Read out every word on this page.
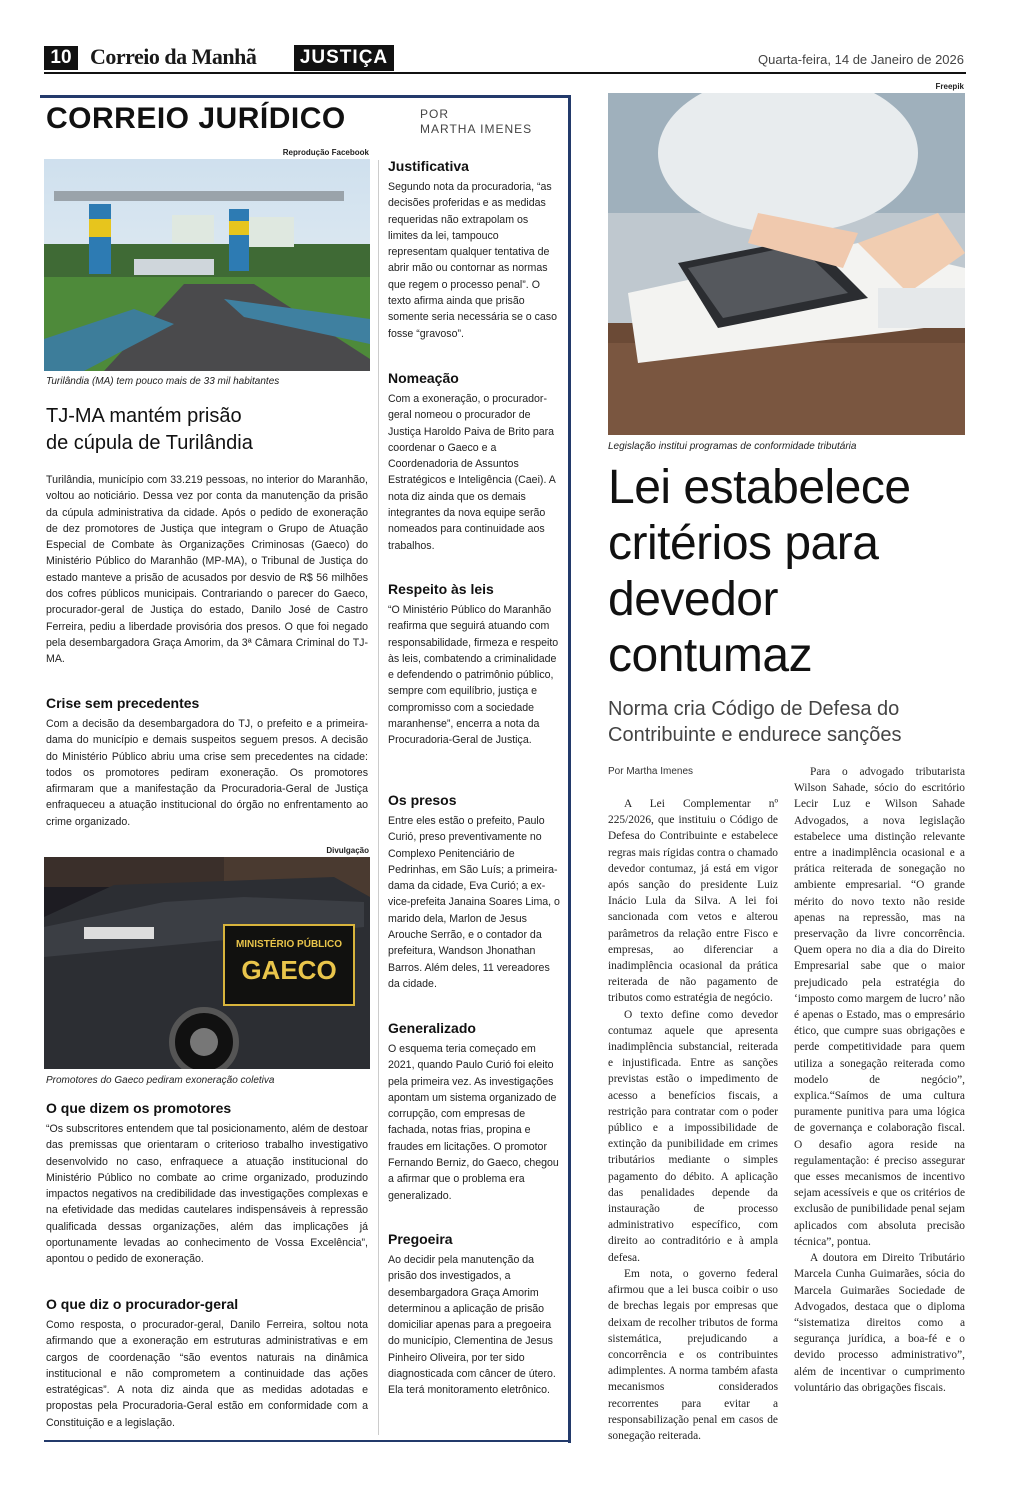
10 Correio da Manhã	JUSTIÇA	Quarta-feira, 14 de Janeiro de 2026
CORREIO JURÍDICO	POR
MARTHA IMENES
Reprodução Facebook
Turilândia (MA) tem pouco mais de 33 mil habitantes
TJ-MA mantém prisão
de cúpula de Turilândia
Turilândia, município com 33.219 pessoas, no interior do Maranhão, voltou ao noticiário. Dessa vez por conta da manutenção da prisão da cúpula administrativa da cidade. Após o pedido de exoneração de dez promotores de Justiça que integram o Grupo de Atuação Especial de Combate às Organizações Criminosas (Gaeco) do Ministério Público do Maranhão (MP-MA), o Tribunal de Justiça do estado manteve a prisão de acusados por desvio de R$ 56 milhões dos cofres públicos municipais. Contrariando o parecer do Gaeco, procurador-geral de Justiça do estado, Danilo José de Castro Ferreira, pediu a liberdade provisória dos presos. O que foi negado pela desembargadora Graça Amorim, da 3ª Câmara Criminal do TJ-MA.
Crise sem precedentes
Com a decisão da desembargadora do TJ, o prefeito e a primeira-dama do município e demais suspeitos seguem presos. A decisão do Ministério Público abriu uma crise sem precedentes na cidade: todos os promotores pediram exoneração. Os promotores afirmaram que a manifestação da Procuradoria-Geral de Justiça enfraqueceu a atuação institucional do órgão no enfrentamento ao crime organizado.
Divulgação
MINISTÉRIO PÚBLICO
GAECO
Promotores do Gaeco pediram exoneração coletiva
O que dizem os promotores
“Os subscritores entendem que tal posicionamento, além de destoar das premissas que orientaram o criterioso trabalho investigativo desenvolvido no caso, enfraquece a atuação institucional do Ministério Público no combate ao crime organizado, produzindo impactos negativos na credibilidade das investigações complexas e na efetividade das medidas cautelares indispensáveis à repressão qualificada dessas organizações, além das implicações já oportunamente levadas ao conhecimento de Vossa Excelência”, apontou o pedido de exoneração.
O que diz o procurador-geral
Como resposta, o procurador-geral, Danilo Ferreira, soltou nota afirmando que a exoneração em estruturas administrativas e em cargos de coordenação “são eventos naturais na dinâmica institucional e não comprometem a continuidade das ações estratégicas”. A nota diz ainda que as medidas adotadas e propostas pela Procuradoria-Geral estão em conformidade com a Constituição e a legislação.
Justificativa
Segundo nota da procuradoria, “as decisões proferidas e as medidas requeridas não extrapolam os limites da lei, tampouco representam qualquer tentativa de abrir mão ou contornar as normas que regem o processo penal”. O texto afirma ainda que prisão somente seria necessária se o caso fosse “gravoso”.
Nomeação
Com a exoneração, o procurador-geral nomeou o procurador de Justiça Haroldo Paiva de Brito para coordenar o Gaeco e a Coordenadoria de Assuntos Estratégicos e Inteligência (Caei). A nota diz ainda que os demais integrantes da nova equipe serão nomeados para continuidade aos trabalhos.
Respeito às leis
“O Ministério Público do Maranhão reafirma que seguirá atuando com responsabilidade, firmeza e respeito às leis, combatendo a criminalidade e defendendo o patrimônio público, sempre com equilíbrio, justiça e compromisso com a sociedade maranhense”, encerra a nota da Procuradoria-Geral de Justiça.
Os presos
Entre eles estão o prefeito, Paulo Curió, preso preventivamente no Complexo Penitenciário de Pedrinhas, em São Luís; a primeira-dama da cidade, Eva Curió; a ex-vice-prefeita Janaina Soares Lima, o marido dela, Marlon de Jesus Arouche Serrão, e o contador da prefeitura, Wandson Jhonathan Barros. Além deles, 11 vereadores da cidade.
Generalizado
O esquema teria começado em 2021, quando Paulo Curió foi eleito pela primeira vez. As investigações apontam um sistema organizado de corrupção, com empresas de fachada, notas frias, propina e fraudes em licitações. O promotor Fernando Berniz, do Gaeco, chegou a afirmar que o problema era generalizado.
Pregoeira
Ao decidir pela manutenção da prisão dos investigados, a desembargadora Graça Amorim determinou a aplicação de prisão domiciliar apenas para a pregoeira do município, Clementina de Jesus Pinheiro Oliveira, por ter sido diagnosticada com câncer de útero. Ela terá monitoramento eletrônico.
Freepik
Legislação institui programas de conformidade tributária
Lei estabelece
critérios para
devedor
contumaz
Norma cria Código de Defesa do
Contribuinte e endurece sanções
Por Martha Imenes

A Lei Complementar nº 225/2026, que instituiu o Código de Defesa do Contribuinte e estabelece regras mais rígidas contra o chamado devedor contumaz, já está em vigor após sanção do presidente Luiz Inácio Lula da Silva. A lei foi sancionada com vetos e alterou parâmetros da relação entre Fisco e empresas, ao diferenciar a inadimplência ocasional da prática reiterada de não pagamento de tributos como estratégia de negócio.

O texto define como devedor contumaz aquele que apresenta inadimplência substancial, reiterada e injustificada. Entre as sanções previstas estão o impedimento de acesso a benefícios fiscais, a restrição para contratar com o poder público e a impossibilidade de extinção da punibilidade em crimes tributários mediante o simples pagamento do débito. A aplicação das penalidades depende da instauração de processo administrativo específico, com direito ao contraditório e à ampla defesa.

Em nota, o governo federal afirmou que a lei busca coibir o uso de brechas legais por empresas que deixam de recolher tributos de forma sistemática, prejudicando a concorrência e os contribuintes adimplentes. A norma também afasta mecanismos considerados recorrentes para evitar a responsabilização penal em casos de sonegação reiterada.

Para o advogado tributarista Wilson Sahade, sócio do escritório Lecir Luz e Wilson Sahade Advogados, a nova legislação estabelece uma distinção relevante entre a inadimplência ocasional e a prática reiterada de sonegação no ambiente empresarial. “O grande mérito do novo texto não reside apenas na repressão, mas na preservação da livre concorrência. Quem opera no dia a dia do Direito Empresarial sabe que o maior prejudicado pela estratégia do ‘imposto como margem de lucro’ não é apenas o Estado, mas o empresário ético, que cumpre suas obrigações e perde competitividade para quem utiliza a sonegação reiterada como modelo de negócio”, explica.“Saímos de uma cultura puramente punitiva para uma lógica de governança e colaboração fiscal. O desafio agora reside na regulamentação: é preciso assegurar que esses mecanismos de incentivo sejam acessíveis e que os critérios de exclusão de punibilidade penal sejam aplicados com absoluta precisão técnica”, pontua.

A doutora em Direito Tributário Marcela Cunha Guimarães, sócia do Marcela Guimarães Sociedade de Advogados, destaca que o diploma “sistematiza direitos como a segurança jurídica, a boa-fé e o devido processo administrativo”, além de incentivar o cumprimento voluntário das obrigações fiscais.
